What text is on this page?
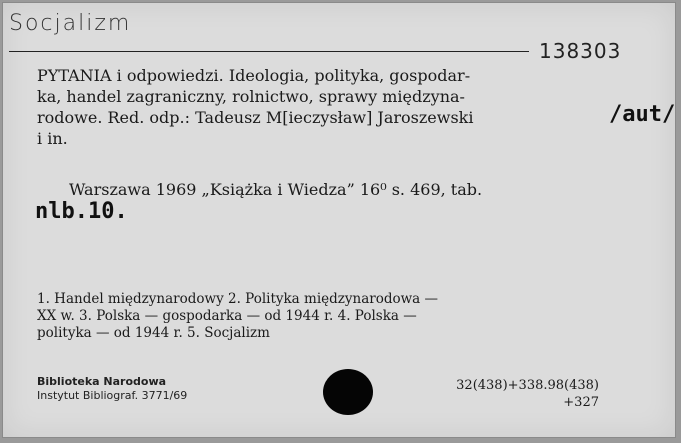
Socjalizm
138303
PYTANIA i odpowiedzi. Ideologia, polityka, gospodar-
ka, handel zagraniczny, rolnictwo, sprawy międzyna-
rodowe. Red. odp.: Tadeusz M[ieczysław] Jaroszewski
i in.
/aut/
Warszawa 1969 „Książka i Wiedza” 16⁰ s. 469, tab.
nlb.10.
1. Handel międzynarodowy 2. Polityka międzynarodowa —
XX w. 3. Polska — gospodarka — od 1944 r. 4. Polska —
polityka — od 1944 r. 5. Socjalizm
Biblioteka Narodowa
Instytut Bibliograf. 3771/69
32(438)+338.98(438)
+327
